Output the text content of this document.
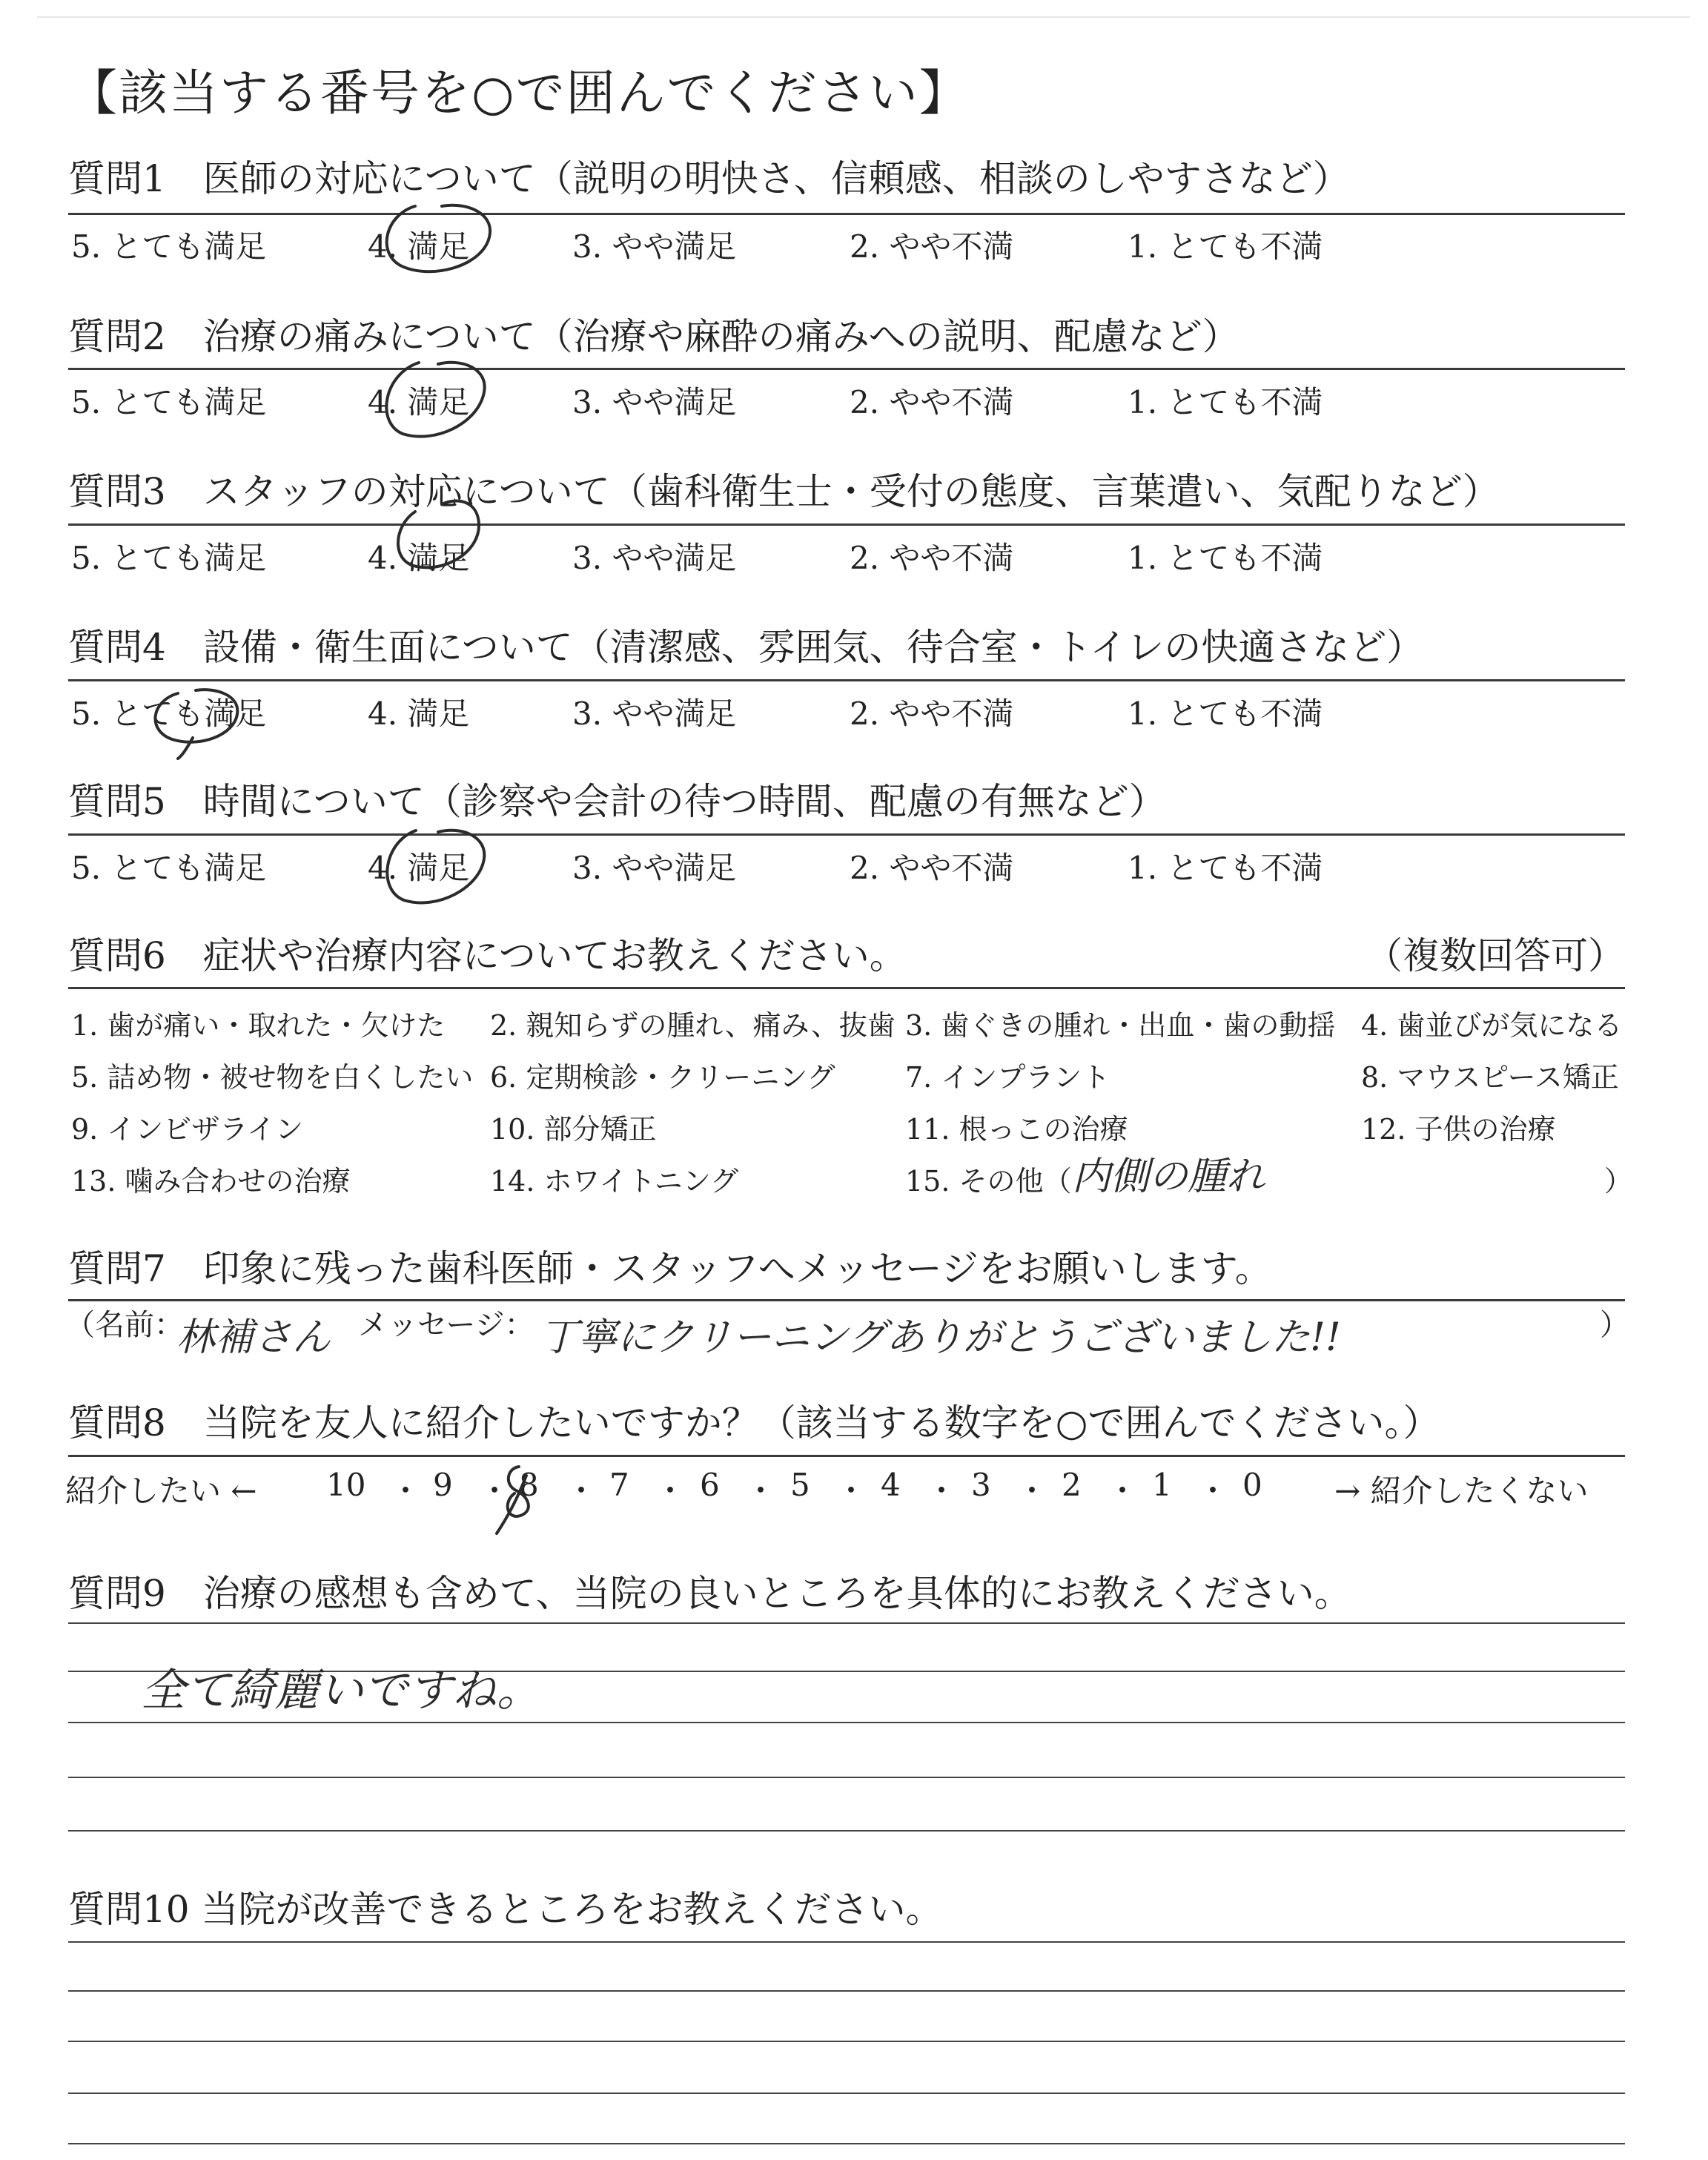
【該当する番号を○で囲んでください】
質問1　医師の対応について（説明の明快さ、信頼感、相談のしやすさなど）
5. とても満足	4. 満足	3. やや満足	2. やや不満	1. とても不満
質問2　治療の痛みについて（治療や麻酔の痛みへの説明、配慮など）
5. とても満足	4. 満足	3. やや満足	2. やや不満	1. とても不満
質問3　スタッフの対応について（歯科衛生士・受付の態度、言葉遣い、気配りなど）
5. とても満足	4. 満足	3. やや満足	2. やや不満	1. とても不満
質問4　設備・衛生面について（清潔感、雰囲気、待合室・トイレの快適さなど）
5. とても満足	4. 満足	3. やや満足	2. やや不満	1. とても不満
質問5　時間について（診察や会計の待つ時間、配慮の有無など）
5. とても満足	4. 満足	3. やや満足	2. やや不満	1. とても不満
質問6　症状や治療内容についてお教えください。	（複数回答可）
1. 歯が痛い・取れた・欠けた 2. 親知らずの腫れ、痛み、抜歯 3. 歯ぐきの腫れ・出血・歯の動揺 4. 歯並びが気になる
5. 詰め物・被せ物を白くしたい 6. 定期検診・クリーニング 7. インプラント	8. マウスピース矯正
9. インビザライン	10. 部分矯正	11. 根っこの治療	12. 子供の治療
13. 噛み合わせの治療	14. ホワイトニング	15. その他（ 内側の腫れ	）
質問7　印象に残った歯科医師・スタッフへメッセージをお願いします。
（名前：
林補さん メッセージ： 丁寧にクリーニングありがとうございました!!	）
質問8　当院を友人に紹介したいですか？（該当する数字を○で囲んでください。）
紹介したい ← 10 ・ 9 ・ 8 ・ 7 ・ 6 ・ 5 ・ 4 ・ 3 ・ 2 ・ 1 ・ 0 → 紹介したくない
質問9　治療の感想も含めて、当院の良いところを具体的にお教えください。
全て綺麗いですね。
質問10 当院が改善できるところをお教えください。
